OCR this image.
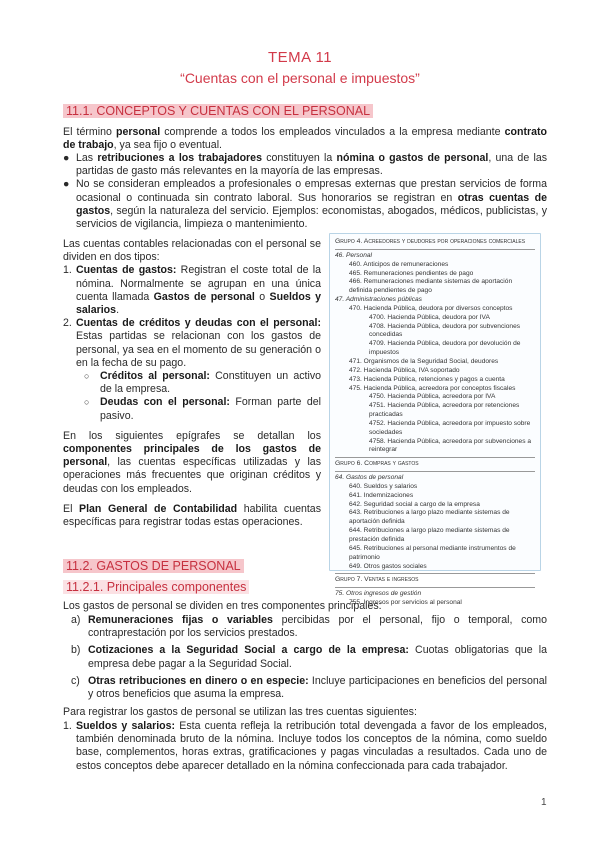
TEMA 11
“Cuentas con el personal e impuestos”
11.1. CONCEPTOS Y CUENTAS CON EL PERSONAL
El término personal comprende a todos los empleados vinculados a la empresa mediante contrato de trabajo, ya sea fijo o eventual.
● Las retribuciones a los trabajadores constituyen la nómina o gastos de personal, una de las partidas de gasto más relevantes en la mayoría de las empresas.
● No se consideran empleados a profesionales o empresas externas que prestan servicios de forma ocasional o continuada sin contrato laboral. Sus honorarios se registran en otras cuentas de gastos, según la naturaleza del servicio. Ejemplos: economistas, abogados, médicos, publicistas, y servicios de vigilancia, limpieza o mantenimiento.
Las cuentas contables relacionadas con el personal se dividen en dos tipos:
1. Cuentas de gastos: Registran el coste total de la nómina. Normalmente se agrupan en una única cuenta llamada Gastos de personal o Sueldos y salarios.
2. Cuentas de créditos y deudas con el personal: Estas partidas se relacionan con los gastos de personal, ya sea en el momento de su generación o en la fecha de su pago.
○ Créditos al personal: Constituyen un activo de la empresa.
○ Deudas con el personal: Forman parte del pasivo.
En los siguientes epígrafes se detallan los componentes principales de los gastos de personal, las cuentas específicas utilizadas y las operaciones más frecuentes que originan créditos y deudas con los empleados.
El Plan General de Contabilidad habilita cuentas específicas para registrar todas estas operaciones.
Grupo 4. Acreedores y deudores por operaciones comerciales
46. Personal
460. Anticipos de remuneraciones
465. Remuneraciones pendientes de pago
466. Remuneraciones mediante sistemas de aportación definida pendientes de pago
47. Administraciones públicas
470. Hacienda Pública, deudora por diversos conceptos
4700. Hacienda Pública, deudora por IVA
4708. Hacienda Pública, deudora por subvenciones concedidas
4709. Hacienda Pública, deudora por devolución de impuestos
471. Organismos de la Seguridad Social, deudores
472. Hacienda Pública, IVA soportado
473. Hacienda Pública, retenciones y pagos a cuenta
475. Hacienda Pública, acreedora por conceptos fiscales
4750. Hacienda Pública, acreedora por IVA
4751. Hacienda Pública, acreedora por retenciones practicadas
4752. Hacienda Pública, acreedora por impuesto sobre sociedades
4758. Hacienda Pública, acreedora por subvenciones a reintegrar
Grupo 6. Compras y gastos
64. Gastos de personal
640. Sueldos y salarios
641. Indemnizaciones
642. Seguridad social a cargo de la empresa
643. Retribuciones a largo plazo mediante sistemas de aportación definida
644. Retribuciones a largo plazo mediante sistemas de prestación definida
645. Retribuciones al personal mediante instrumentos de patrimonio
649. Otros gastos sociales
Grupo 7. Ventas e ingresos
75. Otros ingresos de gestión
755. Ingresos por servicios al personal
11.2. GASTOS DE PERSONAL
11.2.1. Principales componentes
Los gastos de personal se dividen en tres componentes principales:
a) Remuneraciones fijas o variables percibidas por el personal, fijo o temporal, como contraprestación por los servicios prestados.
b) Cotizaciones a la Seguridad Social a cargo de la empresa: Cuotas obligatorias que la empresa debe pagar a la Seguridad Social.
c) Otras retribuciones en dinero o en especie: Incluye participaciones en beneficios del personal y otros beneficios que asuma la empresa.
Para registrar los gastos de personal se utilizan las tres cuentas siguientes:
1. Sueldos y salarios: Esta cuenta refleja la retribución total devengada a favor de los empleados, también denominada bruto de la nómina. Incluye todos los conceptos de la nómina, como sueldo base, complementos, horas extras, gratificaciones y pagas vinculadas a resultados. Cada uno de estos conceptos debe aparecer detallado en la nómina confeccionada para cada trabajador.
1
